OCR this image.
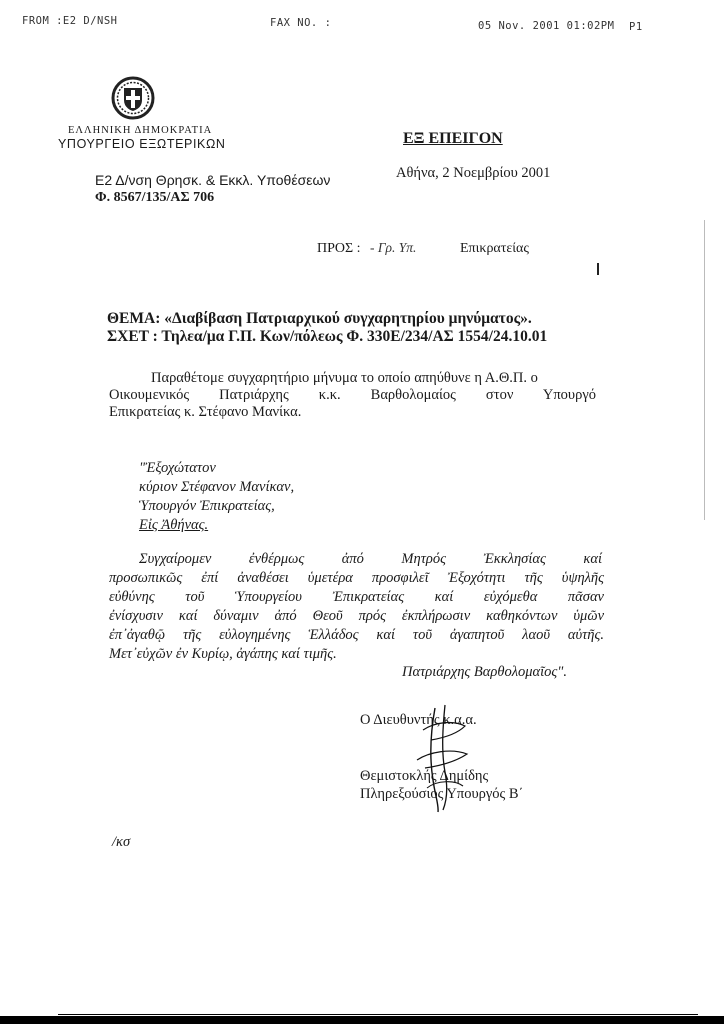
FROM :E2 D/NSH	FAX NO. :	05 Nov. 2001 01:02PM P1
ΕΛΛΗΝΙΚΗ ΔΗΜΟΚΡΑΤΙΑ
ΥΠΟΥΡΓΕΙΟ ΕΞΩΤΕΡΙΚΩΝ	ΕΞ ΕΠΕΙΓΟΝ
Ε2 Δ/νση Θρησκ. & Εκκλ. Υποθέσεων
Φ. 8567/135/ΑΣ 706
Αθήνα, 2 Νοεμβρίου 2001
ΠΡΟΣ : - Γρ. Υπ.	Επικρατείας
ΘΕΜΑ: «Διαβίβαση Πατριαρχικού συγχαρητηρίου μηνύματος».
ΣΧΕΤ : Τηλεα/μα Γ.Π. Κων/πόλεως Φ. 330Ε/234/ΑΣ 1554/24.10.01
Παραθέτομε συγχαρητήριο μήνυμα το οποίο απηύθυνε η Α.Θ.Π. ο
Οικουμενικός Πατριάρχης κ.κ. Βαρθολομαίος στον Υπουργό
Επικρατείας κ. Στέφανο Μανίκα.
"Ἐξοχώτατον
κύριον Στέφανον Μανίκαν,
Ὑπουργόν Ἐπικρατείας,
Εἰς Ἀθήνας.
Συγχαίρομεν ἐνθέρμως ἀπό Μητρός Ἐκκλησίας καί
προσωπικῶς ἐπί ἀναθέσει ὑμετέρα προσφιλεῖ Ἐξοχότητι τῆς ὑψηλῆς
εὐθύνης τοῦ Ὑπουργείου Ἐπικρατείας καί εὐχόμεθα πᾶσαν
ἐνίσχυσιν καί δύναμιν ἀπό Θεοῦ πρός ἐκπλήρωσιν καθηκόντων ὑμῶν
ἐπ᾽ἀγαθῷ τῆς εὐλογημένης Ἑλλάδος καί τοῦ ἀγαπητοῦ λαοῦ αὐτῆς.
Μετ᾽εὐχῶν ἐν Κυρίῳ, ἀγάπης καί τιμῆς.
Πατριάρχης Βαρθολομαῖος".
Ο Διευθυντής κ.α.α.
Θεμιστοκλής Δημίδης
Πληρεξούσιος Υπουργός Β΄
/κσ
